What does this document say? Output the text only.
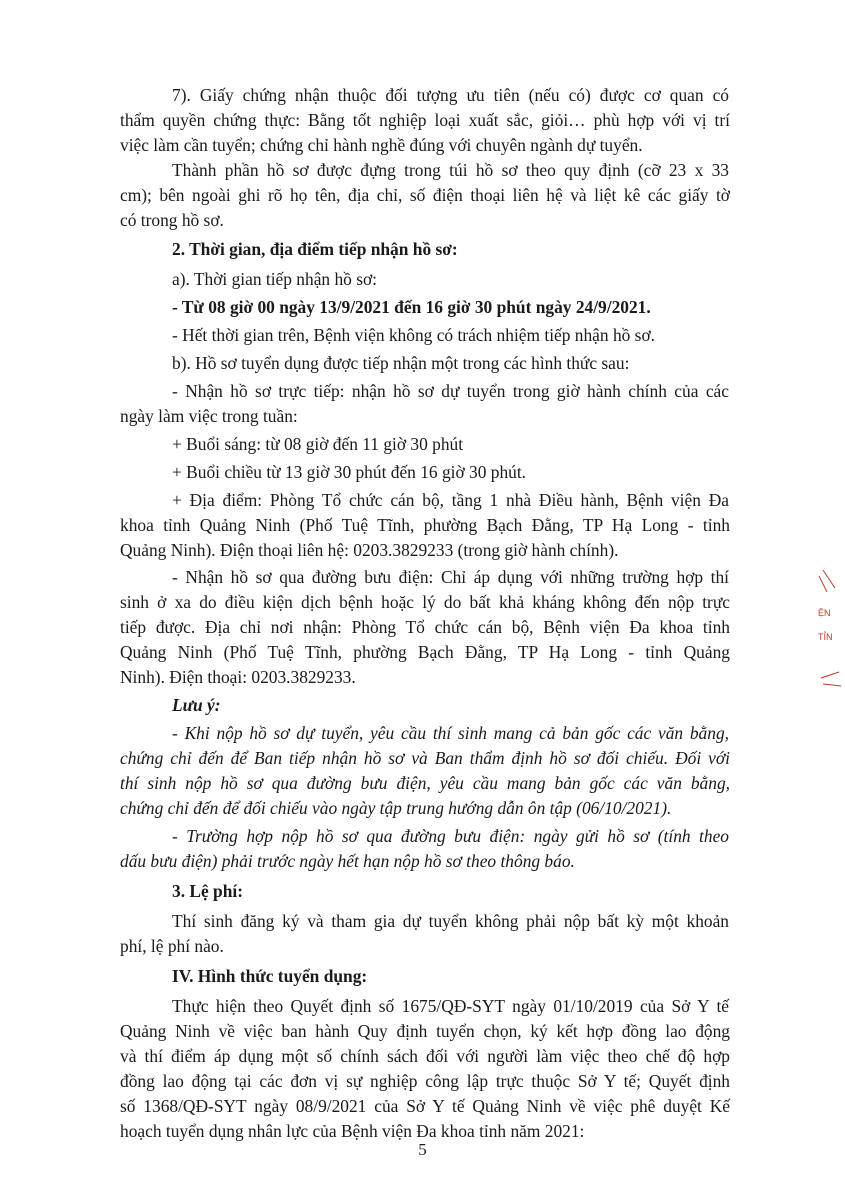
7). Giấy chứng nhận thuộc đối tượng ưu tiên (nếu có) được cơ quan có
thẩm quyền chứng thực: Bằng tốt nghiệp loại xuất sắc, giỏi… phù hợp với vị trí
việc làm cần tuyển; chứng chỉ hành nghề đúng với chuyên ngành dự tuyển.
Thành phần hồ sơ được đựng trong túi hồ sơ theo quy định (cỡ 23 x 33
cm); bên ngoài ghi rõ họ tên, địa chỉ, số điện thoại liên hệ và liệt kê các giấy tờ
có trong hồ sơ.
2. Thời gian, địa điểm tiếp nhận hồ sơ:
a). Thời gian tiếp nhận hồ sơ:
- Từ 08 giờ 00 ngày 13/9/2021 đến 16 giờ 30 phút ngày 24/9/2021.
- Hết thời gian trên, Bệnh viện không có trách nhiệm tiếp nhận hồ sơ.
b). Hồ sơ tuyển dụng được tiếp nhận một trong các hình thức sau:
- Nhận hồ sơ trực tiếp: nhận hồ sơ dự tuyển trong giờ hành chính của các
ngày làm việc trong tuần:
+ Buổi sáng: từ 08 giờ đến 11 giờ 30 phút
+ Buổi chiều từ 13 giờ 30 phút đến 16 giờ 30 phút.
+ Địa điểm: Phòng Tổ chức cán bộ, tầng 1 nhà Điều hành, Bệnh viện Đa
khoa tỉnh Quảng Ninh (Phố Tuệ Tĩnh, phường Bạch Đằng, TP Hạ Long - tỉnh
Quảng Ninh). Điện thoại liên hệ: 0203.3829233 (trong giờ hành chính).
- Nhận hồ sơ qua đường bưu điện: Chỉ áp dụng với những trường hợp thí
sinh ở xa do điều kiện dịch bệnh hoặc lý do bất khả kháng không đến nộp trực
tiếp được. Địa chỉ nơi nhận: Phòng Tổ chức cán bộ, Bệnh viện Đa khoa tỉnh
Quảng Ninh (Phố Tuệ Tĩnh, phường Bạch Đằng, TP Hạ Long - tỉnh Quảng
Ninh). Điện thoại: 0203.3829233.
Lưu ý:
- Khi nộp hồ sơ dự tuyển, yêu cầu thí sinh mang cả bản gốc các văn bằng,
chứng chỉ đến để Ban tiếp nhận hồ sơ và Ban thẩm định hồ sơ đối chiếu. Đối với
thí sinh nộp hồ sơ qua đường bưu điện, yêu cầu mang bản gốc các văn bằng,
chứng chỉ đến để đối chiếu vào ngày tập trung hướng dẫn ôn tập (06/10/2021).
- Trường hợp nộp hồ sơ qua đường bưu điện: ngày gửi hồ sơ (tính theo
dấu bưu điện) phải trước ngày hết hạn nộp hồ sơ theo thông báo.
3. Lệ phí:
Thí sinh đăng ký và tham gia dự tuyển không phải nộp bất kỳ một khoản
phí, lệ phí nào.
IV. Hình thức tuyển dụng:
Thực hiện theo Quyết định số 1675/QĐ-SYT ngày 01/10/2019 của Sở Y tế
Quảng Ninh về việc ban hành Quy định tuyển chọn, ký kết hợp đồng lao động
và thí điểm áp dụng một số chính sách đối với người làm việc theo chế độ hợp
đồng lao động tại các đơn vị sự nghiệp công lập trực thuộc Sở Y tế; Quyết định
số 1368/QĐ-SYT ngày 08/9/2021 của Sở Y tế Quảng Ninh về việc phê duyệt Kế
hoạch tuyển dụng nhân lực của Bệnh viện Đa khoa tỉnh năm 2021:
ỆN
TỈN
5
